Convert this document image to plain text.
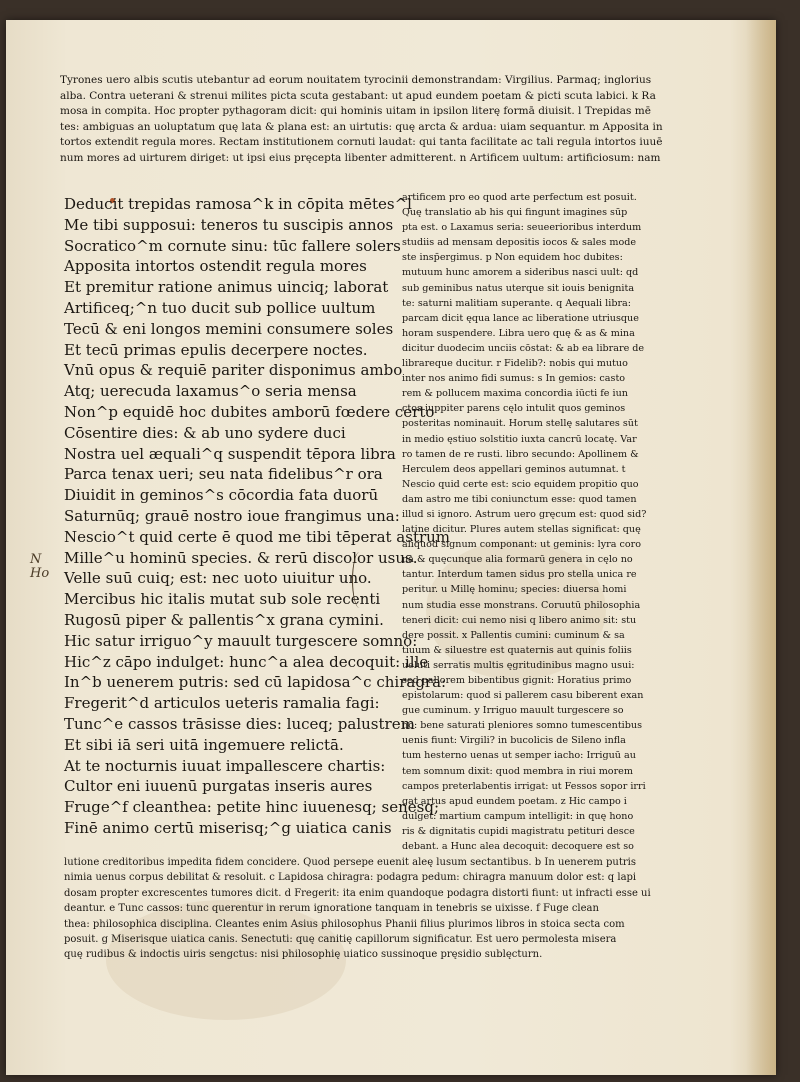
Tyrones uero albis scutis utebantur ad eorum nouitatem tyrocinii demonstrandam: Virgilius. Parmaq; inglorius
alba. Contra ueterani & strenui milites picta scuta gestabant: ut apud eundem poetam & picti scuta labici. k Ra
mosa in compita. Hoc propter pythagoram dicit: qui hominis uitam in ipsilon literę formā diuisit. l Trepidas mē
tes: ambiguas an uoluptatum quę lata & plana est: an uirtutis: quę arcta & ardua: uiam sequantur. m Apposita in
tortos extendit regula mores. Rectam institutionem cornuti laudat: qui tanta facilitate ac tali regula intortos iuuē
num mores ad uirturem diriget: ut ipsi eius pręcepta libenter admitterent. n Artificem uultum: artificiosum: nam
Deducit trepidas ramosa^k in cōpita mētes^l
Me tibi supposui: teneros tu suscipis annos
Socratico^m cornute sinu: tūc fallere solers
Apposita intortos ostendit regula mores
Et premitur ratione animus uinciq; laborat
Artificeq;^n tuo ducit sub pollice uultum
Tecū & eni longos memini consumere soles
Et tecū primas epulis decerpere noctes.
Vnū opus & requiē pariter disponimus ambo
Atq; uerecuda laxamus^o seria mensa
Non^p equidē hoc dubites amborū fœdere certo
Cōsentire dies: & ab uno sydere duci
Nostra uel æquali^q suspendit tēpora libra
Parca tenax ueri; seu nata fidelibus^r ora
Diuidit in geminos^s cōcordia fata duorū
Saturnūq; grauē nostro ioue frangimus una:
Nescio^t quid certe ē quod me tibi tēperat astrum
Mille^u hominū species. & rerū discolor usus.
Velle suū cuiq; est: nec uoto uiuitur uno.
Mercibus hic italis mutat sub sole recenti
Rugosū piper & pallentis^x grana cymini.
Hic satur irriguo^y mauult turgescere somno:
Hic^z cāpo indulget: hunc^a alea decoquit: ille
In^b uenerem putris: sed cū lapidosa^c chiragra:
Fregerit^d articulos ueteris ramalia fagi:
Tunc^e cassos trāsisse dies: luceq; palustrem
Et sibi iā seri uitā ingemuere relictā.
At te nocturnis iuuat impallescere chartis:
Cultor eni iuuenū purgatas inseris aures
Fruge^f cleanthea: petite hinc iuuenesq; senesq;
Finē animo certū miserisq;^g uiatica canis
artificem pro eo quod arte perfectum est posuit.
Quę translatio ab his qui fingunt imagines sūp
pta est. o Laxamus seria: seueerioribus interdum
studiis ad mensam depositis iocos & sales mode
ste insp̄ergimus. p Non equidem hoc dubites:
mutuum hunc amorem a sideribus nasci uult: qd
sub geminibus natus uterque sit iouis benignita
te: saturni malitiam superante. q Aequali libra:
parcam dicit ęqua lance ac liberatione utriusque
horam suspendere. Libra uero quę & as & mina
dicitur duodecim unciis cōstat: & ab ea librare de
librareque ducitur. r Fidelib?: nobis qui mutuo
inter nos animo fidi sumus: s In gemios: casto
rem & pollucem maxima concordia iūcti fe iun
ctos iuppiter parens cęlo intulit quos geminos
posteritas nominauit. Horum stellę salutares sūt
in medio ęstiuo solstitio iuxta cancrū locatę. Var
ro tamen de re rusti. libro secundo: Apollinem &
Herculem deos appellari geminos autumnat. t
Nescio quid certe est: scio equidem propitio quo
dam astro me tibi coniunctum esse: quod tamen
illud si ignoro. Astrum uero gręcum est: quod sid?
latine dicitur. Plures autem stellas significat: quę
aliquod signum componant: ut geminis: lyra coro
na & quęcunque alia formarū genera in cęlo no
tantur. Interdum tamen sidus pro stella unica re
peritur. u Millę hominu; species: diuersa homi
num studia esse monstrans. Coruutū philosophia
teneri dicit: cui nemo nisi q libero animo sit: stu
dere possit. x Pallentis cumini: cuminum & sa
tiuum & siluestre est quaternis aut quinis foliis
ueluti serratis multis ęgritudinibus magno usui:
sed pallorem bibentibus gignit: Horatius primo
epistolarum: quod si pallerem casu biberent exan
gue cuminum. y Irriguo mauult turgescere so
no: bene saturati pleniores somno tumescentibus
uenis fiunt: Virgili? in bucolicis de Sileno infla
tum hesterno uenas ut semper iacho: Irriguū au
tem somnum dixit: quod membra in riui morem
campos preterlabentis irrigat: ut Fessos sopor irri
gat artus apud eundem poetam. z Hic campo i
dulget: martium campum intelligit: in quę hono
ris & dignitatis cupidi magistratu petituri desce
debant. a Hunc alea decoquit: decoquere est so
N
Ho
lutione creditoribus impedita fidem concidere. Quod persepe euenit aleę lusum sectantibus. b In uenerem putris
nimia uenus corpus debilitat & resoluit. c Lapidosa chiragra: podagra pedum: chiragra manuum dolor est: q lapi
dosam propter excrescentes tumores dicit. d Fregerit: ita enim quandoque podagra distorti fiunt: ut infracti esse ui
deantur. e Tunc cassos: tunc querentur in rerum ignoratione tanquam in tenebris se uixisse. f Fuge clean
thea: philosophica disciplina. Cleantes enim Asius philosophus Phanii filius plurimos libros in stoica secta com
posuit. g Miserisque uiatica canis. Senectuti: quę canitię capillorum significatur. Est uero permolesta misera
quę rudibus & indoctis uiris sengctus: nisi philosophię uiatico sussinoque pręsidio sublęcturn.
